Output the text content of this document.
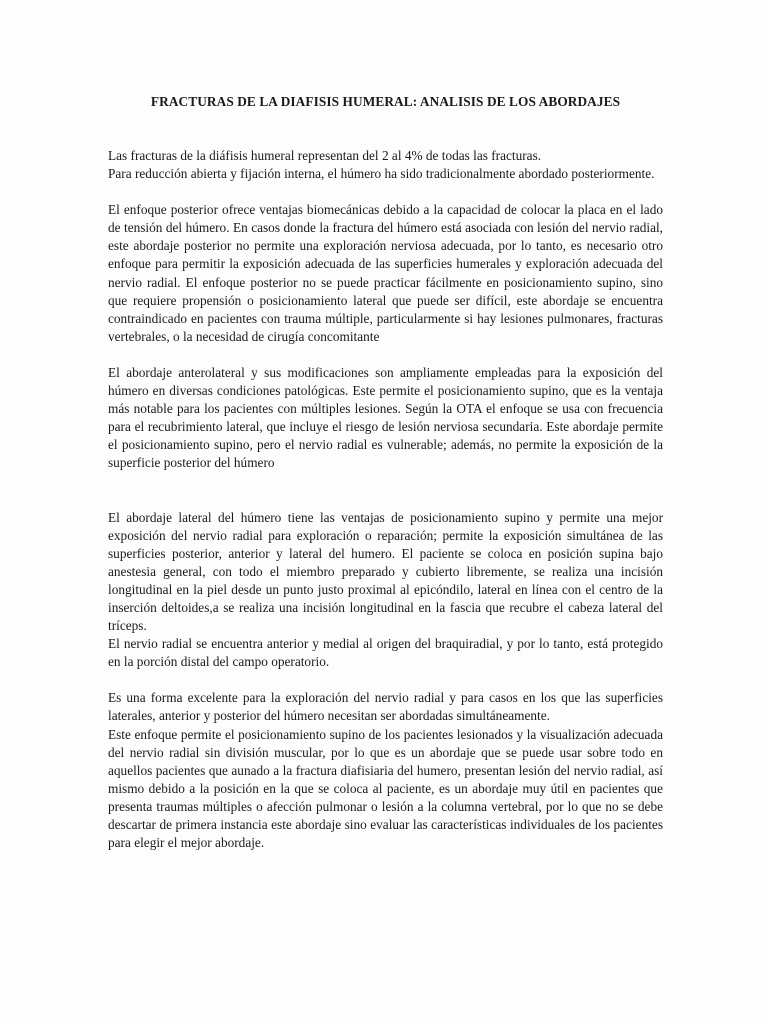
FRACTURAS DE LA DIAFISIS HUMERAL: ANALISIS DE LOS ABORDAJES

Las fracturas de la diáfisis humeral representan del 2 al 4% de todas las fracturas.

Para reducción abierta y fijación interna, el húmero ha sido tradicionalmente abordado posteriormente.

El enfoque posterior ofrece ventajas biomecánicas debido a la capacidad de colocar la placa en el lado de tensión del húmero. En casos donde la fractura del húmero está asociada con lesión del nervio radial, este abordaje posterior no permite una exploración nerviosa adecuada, por lo tanto, es necesario otro enfoque para permitir la exposición adecuada de las superficies humerales y exploración adecuada del nervio radial. El enfoque posterior no se puede practicar fácilmente en posicionamiento supino, sino que requiere propensión o posicionamiento lateral que puede ser difícil, este abordaje se encuentra contraindicado en pacientes con trauma múltiple, particularmente si hay lesiones pulmonares, fracturas vertebrales, o la necesidad de cirugía concomitante

El abordaje anterolateral y sus modificaciones son ampliamente empleadas para la exposición del húmero en diversas condiciones patológicas. Este permite el posicionamiento supino, que es la ventaja más notable para los pacientes con múltiples lesiones. Según la OTA el enfoque se usa con frecuencia para el recubrimiento lateral, que incluye el riesgo de lesión nerviosa secundaria. Este abordaje permite el posicionamiento supino, pero el nervio radial es vulnerable; además, no permite la exposición de la superficie posterior del húmero

El abordaje lateral del húmero tiene las ventajas de posicionamiento supino y permite una mejor exposición del nervio radial para exploración o reparación; permite la exposición simultánea de las superficies posterior, anterior y lateral del humero. El paciente se coloca en posición supina bajo anestesia general, con todo el miembro preparado y cubierto libremente, se realiza una incisión longitudinal en la piel desde un punto justo proximal al epicóndilo, lateral en línea con el centro de la inserción deltoides,a se realiza una incisión longitudinal en la fascia que recubre el cabeza lateral del tríceps.

El nervio radial se encuentra anterior y medial al origen del braquiradial, y por lo tanto, está protegido en la porción distal del campo operatorio.

Es una forma excelente para la exploración del nervio radial y para casos en los que las superficies laterales, anterior y posterior del húmero necesitan ser abordadas simultáneamente.

Este enfoque permite el posicionamiento supino de los pacientes lesionados y la visualización adecuada del nervio radial sin división muscular, por lo que es un abordaje que se puede usar sobre todo en aquellos pacientes que aunado a la fractura diafisiaria del humero, presentan lesión del nervio radial, así mismo debido a la posición en la que se coloca al paciente, es un abordaje muy útil en pacientes que presenta traumas múltiples o afección pulmonar o lesión a la columna vertebral, por lo que no se debe descartar de primera instancia este abordaje sino evaluar las características individuales de los pacientes para elegir el mejor abordaje.
